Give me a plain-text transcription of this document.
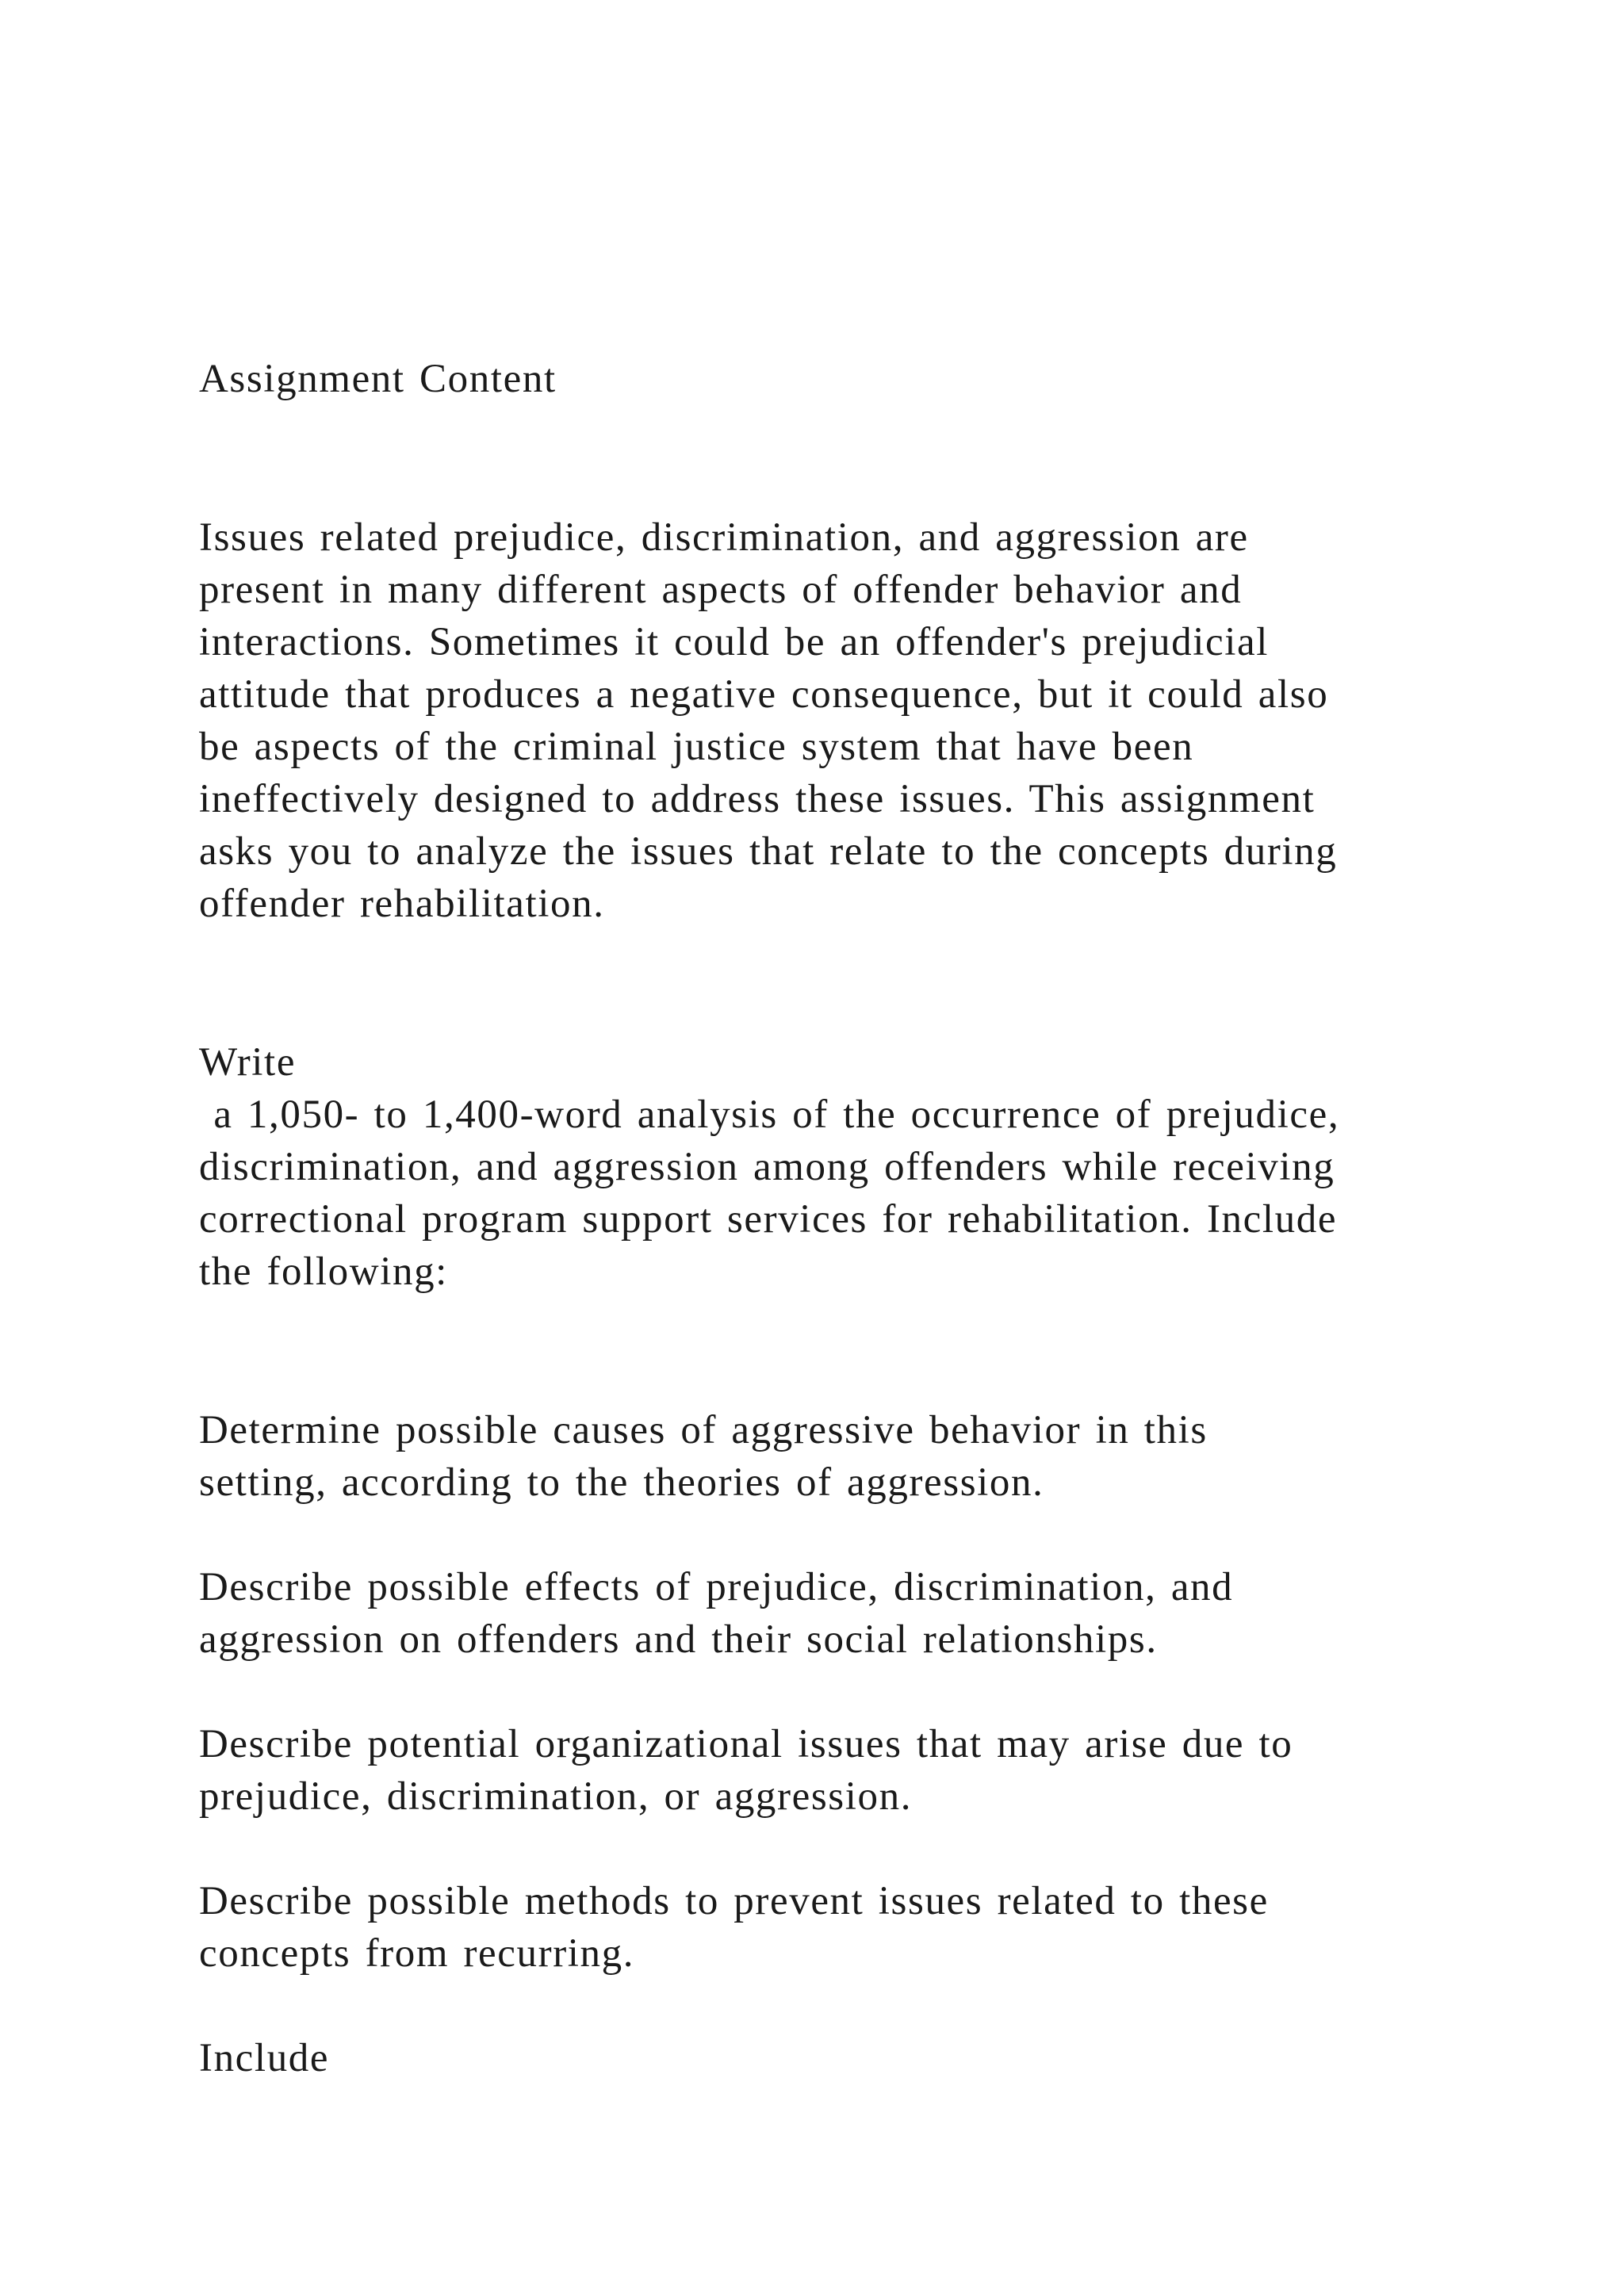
Assignment Content

Issues related prejudice, discrimination, and aggression are

present in many different aspects of offender behavior and

interactions. Sometimes it could be an offender's prejudicial

attitude that produces a negative consequence, but it could also

be aspects of the criminal justice system that have been

ineffectively designed to address these issues. This assignment

asks you to analyze the issues that relate to the concepts during

offender rehabilitation.

Write

a 1,050- to 1,400-word analysis of the occurrence of prejudice,

discrimination, and aggression among offenders while receiving

correctional program support services for rehabilitation. Include

the following:

Determine possible causes of aggressive behavior in this

setting, according to the theories of aggression.

Describe possible effects of prejudice, discrimination, and

aggression on offenders and their social relationships.

Describe potential organizational issues that may arise due to

prejudice, discrimination, or aggression.

Describe possible methods to prevent issues related to these

concepts from recurring.

Include
